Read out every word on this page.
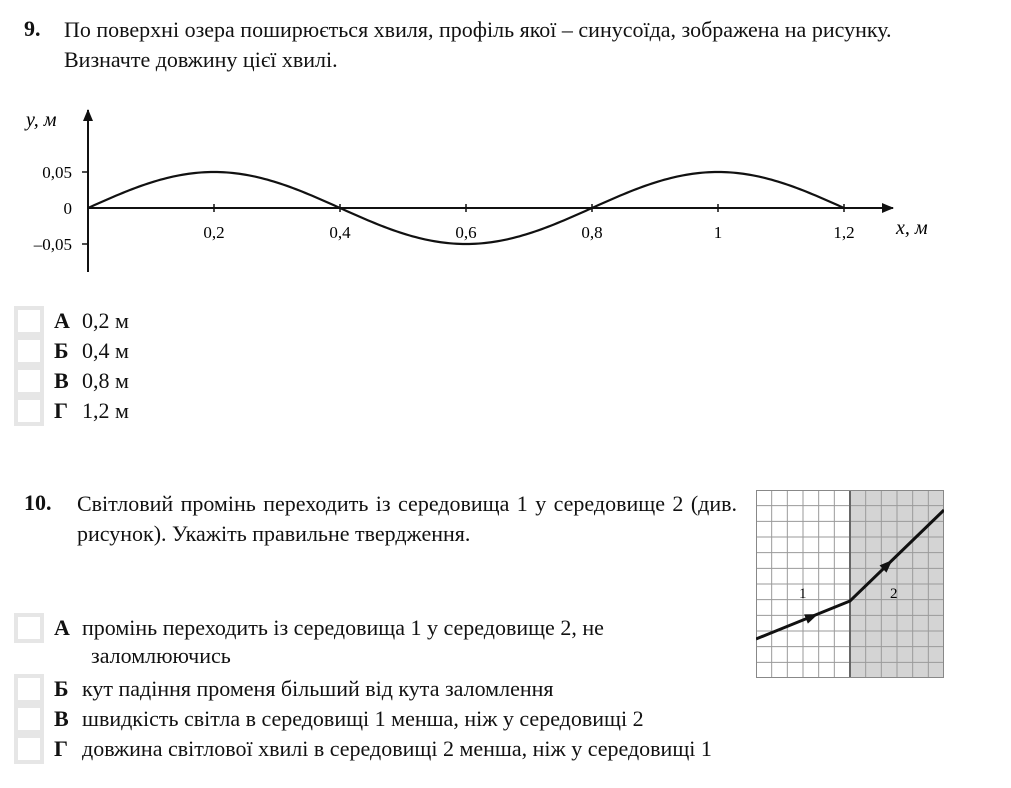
9. По поверхні озера поширюється хвиля, профіль якої – синусоїда, зображена на рисунку. Визначте довжину цієї хвилі.
y, м
x, м
0,2	0,4	0,6	0,8	1	1,2
0,05
0
–0,05
А 0,2 м
Б 0,4 м
В 0,8 м
Г 1,2 м
10. Світловий промінь переходить із середовища 1 у середовище 2 (див. рисунок). Укажіть правильне твердження.
1	2
А промінь переходить із середовища 1 у середовище 2, не
заломлюючись
Б кут падіння променя більший від кута заломлення
В швидкість світла в середовищі 1 менша, ніж у середовищі 2
Г довжина світлової хвилі в середовищі 2 менша, ніж у середовищі 1
